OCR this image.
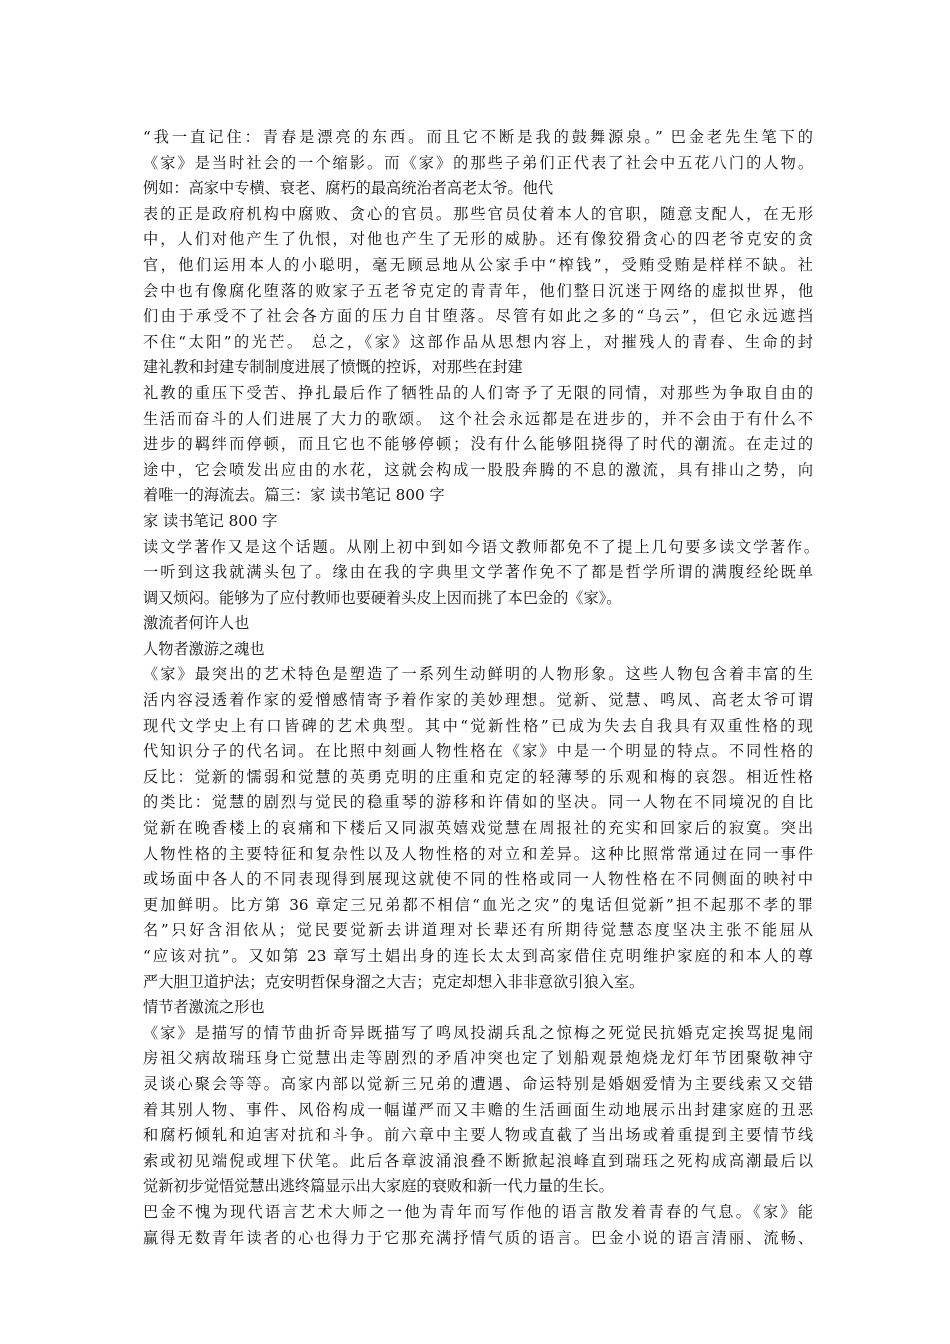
“我一直记住：青春是漂亮的东西。而且它不断是我的鼓舞源泉。” 巴金老先生笔下的
《家》是当时社会的一个缩影。而《家》的那些子弟们正代表了社会中五花八门的人物。
例如：高家中专横、衰老、腐朽的最高统治者高老太爷。他代
表的正是政府机构中腐败、贪心的官员。那些官员仗着本人的官职，随意支配人，在无形
中，人们对他产生了仇恨，对他也产生了无形的威胁。还有像狡猾贪心的四老爷克安的贪
官，他们运用本人的小聪明，毫无顾忌地从公家手中“榨钱”，受贿受贿是样样不缺。社
会中也有像腐化堕落的败家子五老爷克定的青青年，他们整日沉迷于网络的虚拟世界，他
们由于承受不了社会各方面的压力自甘堕落。尽管有如此之多的“乌云”，但它永远遮挡
不住“太阳”的光芒。 总之，《家》这部作品从思想内容上，对摧残人的青春、生命的封
建礼教和封建专制制度进展了愤慨的控诉，对那些在封建
礼教的重压下受苦、挣扎最后作了牺牲品的人们寄予了无限的同情，对那些为争取自由的
生活而奋斗的人们进展了大力的歌颂。 这个社会永远都是在进步的，并不会由于有什么不
进步的羁绊而停顿，而且它也不能够停顿；没有什么能够阻挠得了时代的潮流。在走过的
途中，它会喷发出应由的水花，这就会构成一股股奔腾的不息的激流，具有排山之势，向
着唯一的海流去。篇三：家 读书笔记 800 字
家 读书笔记 800 字
读文学著作又是这个话题。从刚上初中到如今语文教师都免不了提上几句要多读文学著作。
一听到这我就满头包了。缘由在我的字典里文学著作免不了都是哲学所谓的满腹经纶既单
调又烦闷。能够为了应付教师也要硬着头皮上因而挑了本巴金的《家》。
激流者何许人也
人物者激游之魂也
《家》最突出的艺术特色是塑造了一系列生动鲜明的人物形象。这些人物包含着丰富的生
活内容浸透着作家的爱憎感情寄予着作家的美妙理想。觉新、觉慧、鸣凤、高老太爷可谓
现代文学史上有口皆碑的艺术典型。其中“觉新性格”已成为失去自我具有双重性格的现
代知识分子的代名词。在比照中刻画人物性格在《家》中是一个明显的特点。不同性格的
反比：觉新的懦弱和觉慧的英勇克明的庄重和克定的轻薄琴的乐观和梅的哀怨。相近性格
的类比：觉慧的剧烈与觉民的稳重琴的游移和许倩如的坚决。同一人物在不同境况的自比
觉新在晚香楼上的哀痛和下楼后又同淑英嬉戏觉慧在周报社的充实和回家后的寂寞。突出
人物性格的主要特征和复杂性以及人物性格的对立和差异。这种比照常常通过在同一事件
或场面中各人的不同表现得到展现这就使不同的性格或同一人物性格在不同侧面的映衬中
更加鲜明。比方第 36 章定三兄弟都不相信“血光之灾”的鬼话但觉新”担不起那不孝的罪
名”只好含泪依从；觉民要觉新去讲道理对长辈还有所期待觉慧态度坚决主张不能屈从
“应该对抗”。又如第 23 章写土娼出身的连长太太到高家借住克明维护家庭的和本人的尊
严大胆卫道护法；克安明哲保身溜之大吉；克定却想入非非意欲引狼入室。
情节者激流之形也
《家》是描写的情节曲折奇异既描写了鸣凤投湖兵乱之惊梅之死觉民抗婚克定挨骂捉鬼闹
房祖父病故瑞珏身亡觉慧出走等剧烈的矛盾冲突也定了划船观景炮烧龙灯年节团聚敬神守
灵谈心聚会等等。高家内部以觉新三兄弟的遭遇、命运特别是婚姻爱情为主要线索又交错
着其别人物、事件、风俗构成一幅谨严而又丰赡的生活画面生动地展示出封建家庭的丑恶
和腐朽倾轧和迫害对抗和斗争。前六章中主要人物或直截了当出场或着重提到主要情节线
索或初见端倪或埋下伏笔。此后各章波涌浪叠不断掀起浪峰直到瑞珏之死构成高潮最后以
觉新初步觉悟觉慧出逃终篇显示出大家庭的衰败和新一代力量的生长。
巴金不愧为现代语言艺术大师之一他为青年而写作他的语言散发着青春的气息。《家》能
赢得无数青年读者的心也得力于它那充满抒情气质的语言。巴金小说的语言清丽、流畅、
